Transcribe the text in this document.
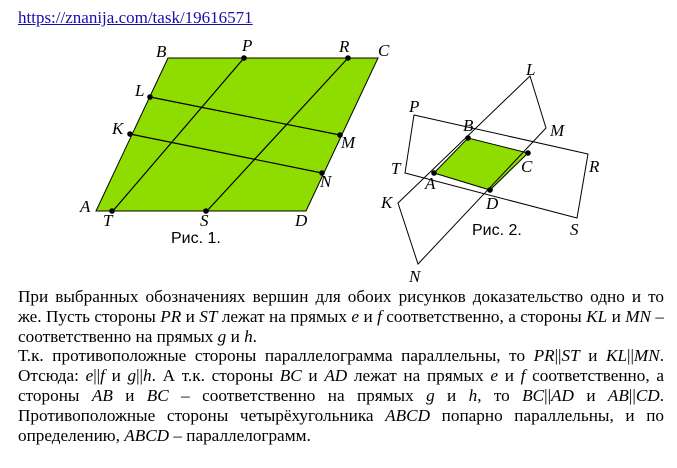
https://znanija.com/task/19616571
B	P	R C
L
K
M
N
A
T	S	D
Рис. 1.
P
L
B	M
C	R
T
A
D
K
S
N
Рис. 2.

При выбранных обозначениях вершин для обоих рисунков доказательство одно и то же. Пусть стороны PR и ST лежат на прямых e и f соответственно, а стороны KL и MN – соответственно на прямых g и h.

Т.к. противоположные стороны параллелограмма параллельны, то PR||ST и KL||MN. Отсюда: e||f и g||h. А т.к. стороны BC и AD лежат на прямых e и f соответственно, а стороны AB и BC – соответственно на прямых g и h, то BC||AD и AB||CD. Противоположные стороны четырёхугольника ABCD попарно параллельны, и по определению, ABCD – параллелограмм.
